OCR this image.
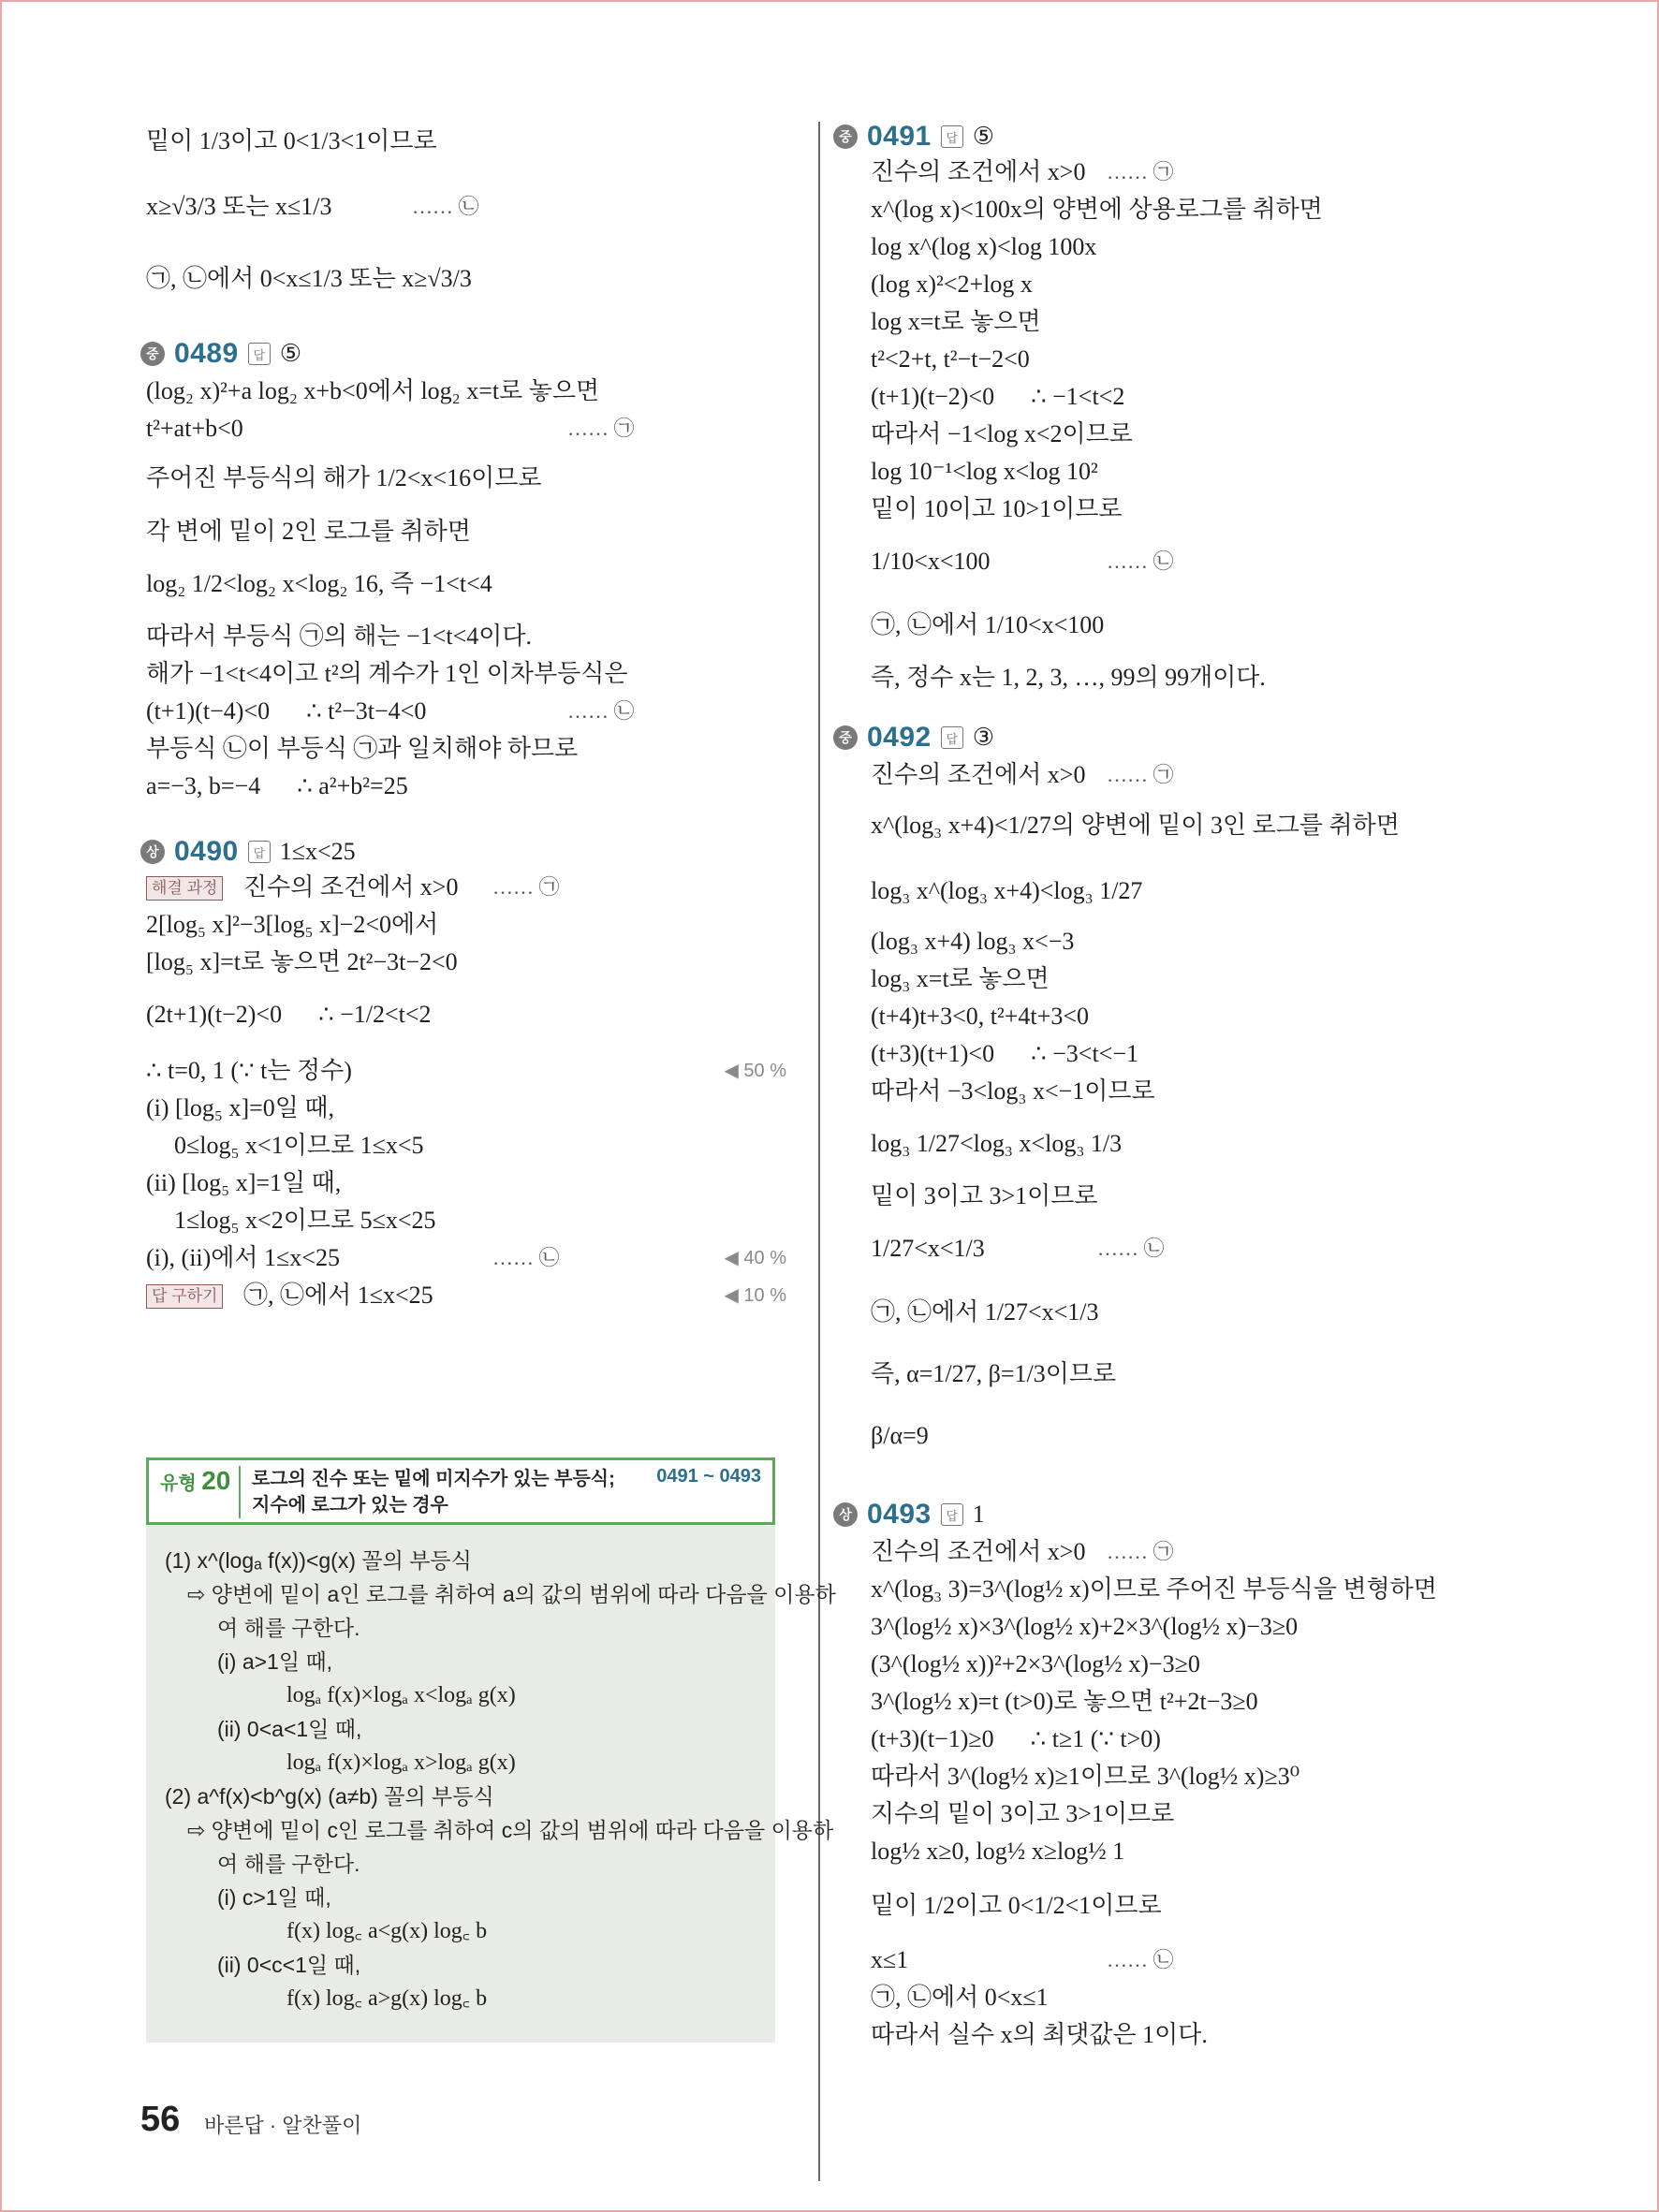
밑이 1/3이고 0<1/3<1이므로
x≥√3/3 또는 x≤1/3	…… ㉡
㉠, ㉡에서 0<x≤1/3 또는 x≥√3/3
중 0489	답 ⑤
(log₂ x)²+a log₂ x+b<0에서 log₂ x=t로 놓으면
t²+at+b<0	…… ㉠
주어진 부등식의 해가 1/2<x<16이므로
각 변에 밑이 2인 로그를 취하면
log₂ 1/2<log₂ x<log₂ 16, 즉 −1<t<4
따라서 부등식 ㉠의 해는 −1<t<4이다.
해가 −1<t<4이고 t²의 계수가 1인 이차부등식은
(t+1)(t−4)<0      ∴ t²−3t−4<0	…… ㉡
부등식 ㉡이 부등식 ㉠과 일치해야 하므로
a=−3, b=−4      ∴ a²+b²=25
상 0490	답 1≤x<25
해결 과정 진수의 조건에서 x>0 …… ㉠
2[log₅ x]²−3[log₅ x]−2<0에서
[log₅ x]=t로 놓으면 2t²−3t−2<0
(2t+1)(t−2)<0      ∴ −1/2<t<2
∴ t=0, 1 (∵ t는 정수)	◀ 50 %
(i) [log₅ x]=0일 때,
0≤log₅ x<1이므로 1≤x<5
(ii) [log₅ x]=1일 때,
1≤log₅ x<2이므로 5≤x<25
(i), (ii)에서 1≤x<25	…… ㉡	◀ 40 %
답 구하기 ㉠, ㉡에서 1≤x<25	◀ 10 %
유형 20 로그의 진수 또는 밑에 미지수가 있는 부등식;
지수에 로그가 있는 경우
0491 ~ 0493
(1) x^(logₐ f(x))<g(x) 꼴의 부등식
⇨ 양변에 밑이 a인 로그를 취하여 a의 값의 범위에 따라 다음을 이용하
여 해를 구한다.
(i) a>1일 때,
logₐ f(x)×logₐ x<logₐ g(x)
(ii) 0<a<1일 때,
logₐ f(x)×logₐ x>logₐ g(x)
(2) a^f(x)<b^g(x) (a≠b) 꼴의 부등식
⇨ 양변에 밑이 c인 로그를 취하여 c의 값의 범위에 따라 다음을 이용하
여 해를 구한다.
(i) c>1일 때,
f(x) log꜀ a<g(x) log꜀ b
(ii) 0<c<1일 때,
f(x) log꜀ a>g(x) log꜀ b
중 0491	답 ⑤
진수의 조건에서 x>0 …… ㉠
x^(log x)<100x의 양변에 상용로그를 취하면
log x^(log x)<log 100x
(log x)²<2+log x
log x=t로 놓으면
t²<2+t, t²−t−2<0
(t+1)(t−2)<0      ∴ −1<t<2
따라서 −1<log x<2이므로
log 10⁻¹<log x<log 10²
밑이 10이고 10>1이므로
1/10<x<100	…… ㉡
㉠, ㉡에서 1/10<x<100
즉, 정수 x는 1, 2, 3, …, 99의 99개이다.
중 0492	답 ③
진수의 조건에서 x>0 …… ㉠
x^(log₃ x+4)<1/27의 양변에 밑이 3인 로그를 취하면
log₃ x^(log₃ x+4)<log₃ 1/27
(log₃ x+4) log₃ x<−3
log₃ x=t로 놓으면
(t+4)t+3<0, t²+4t+3<0
(t+3)(t+1)<0      ∴ −3<t<−1
따라서 −3<log₃ x<−1이므로
log₃ 1/27<log₃ x<log₃ 1/3
밑이 3이고 3>1이므로
1/27<x<1/3	…… ㉡
㉠, ㉡에서 1/27<x<1/3
즉, α=1/27, β=1/3이므로
β/α=9
상 0493	답 1
진수의 조건에서 x>0 …… ㉠
x^(log₃ 3)=3^(log½ x)이므로 주어진 부등식을 변형하면
3^(log½ x)×3^(log½ x)+2×3^(log½ x)−3≥0
(3^(log½ x))²+2×3^(log½ x)−3≥0
3^(log½ x)=t (t>0)로 놓으면 t²+2t−3≥0
(t+3)(t−1)≥0      ∴ t≥1 (∵ t>0)
따라서 3^(log½ x)≥1이므로 3^(log½ x)≥3⁰
지수의 밑이 3이고 3>1이므로
log½ x≥0, log½ x≥log½ 1
밑이 1/2이고 0<1/2<1이므로
x≤1	…… ㉡
㉠, ㉡에서 0<x≤1
따라서 실수 x의 최댓값은 1이다.
56 바른답 · 알찬풀이
